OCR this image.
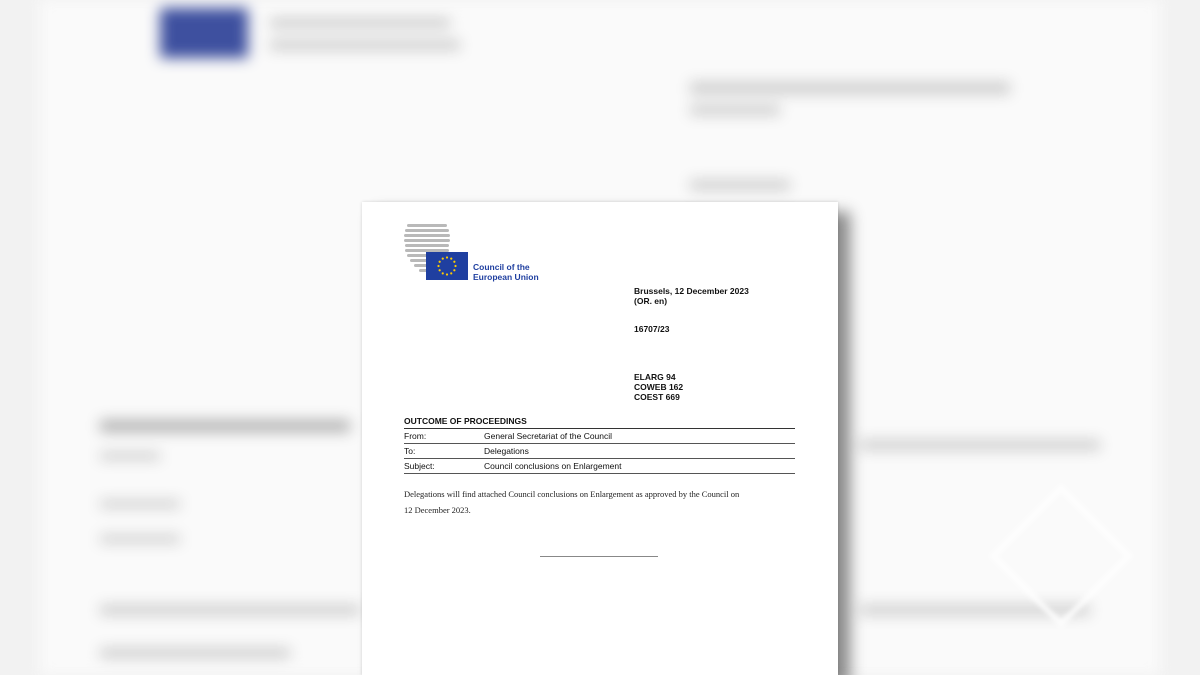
Council of the
European Union
Brussels, 12 December 2023
(OR. en)
16707/23
ELARG 94
COWEB 162
COEST 669
OUTCOME OF PROCEEDINGS
From:	General Secretariat of the Council
To:	Delegations
Subject:	Council conclusions on Enlargement
Delegations will find attached Council conclusions on Enlargement as approved by the Council on
12 December 2023.
